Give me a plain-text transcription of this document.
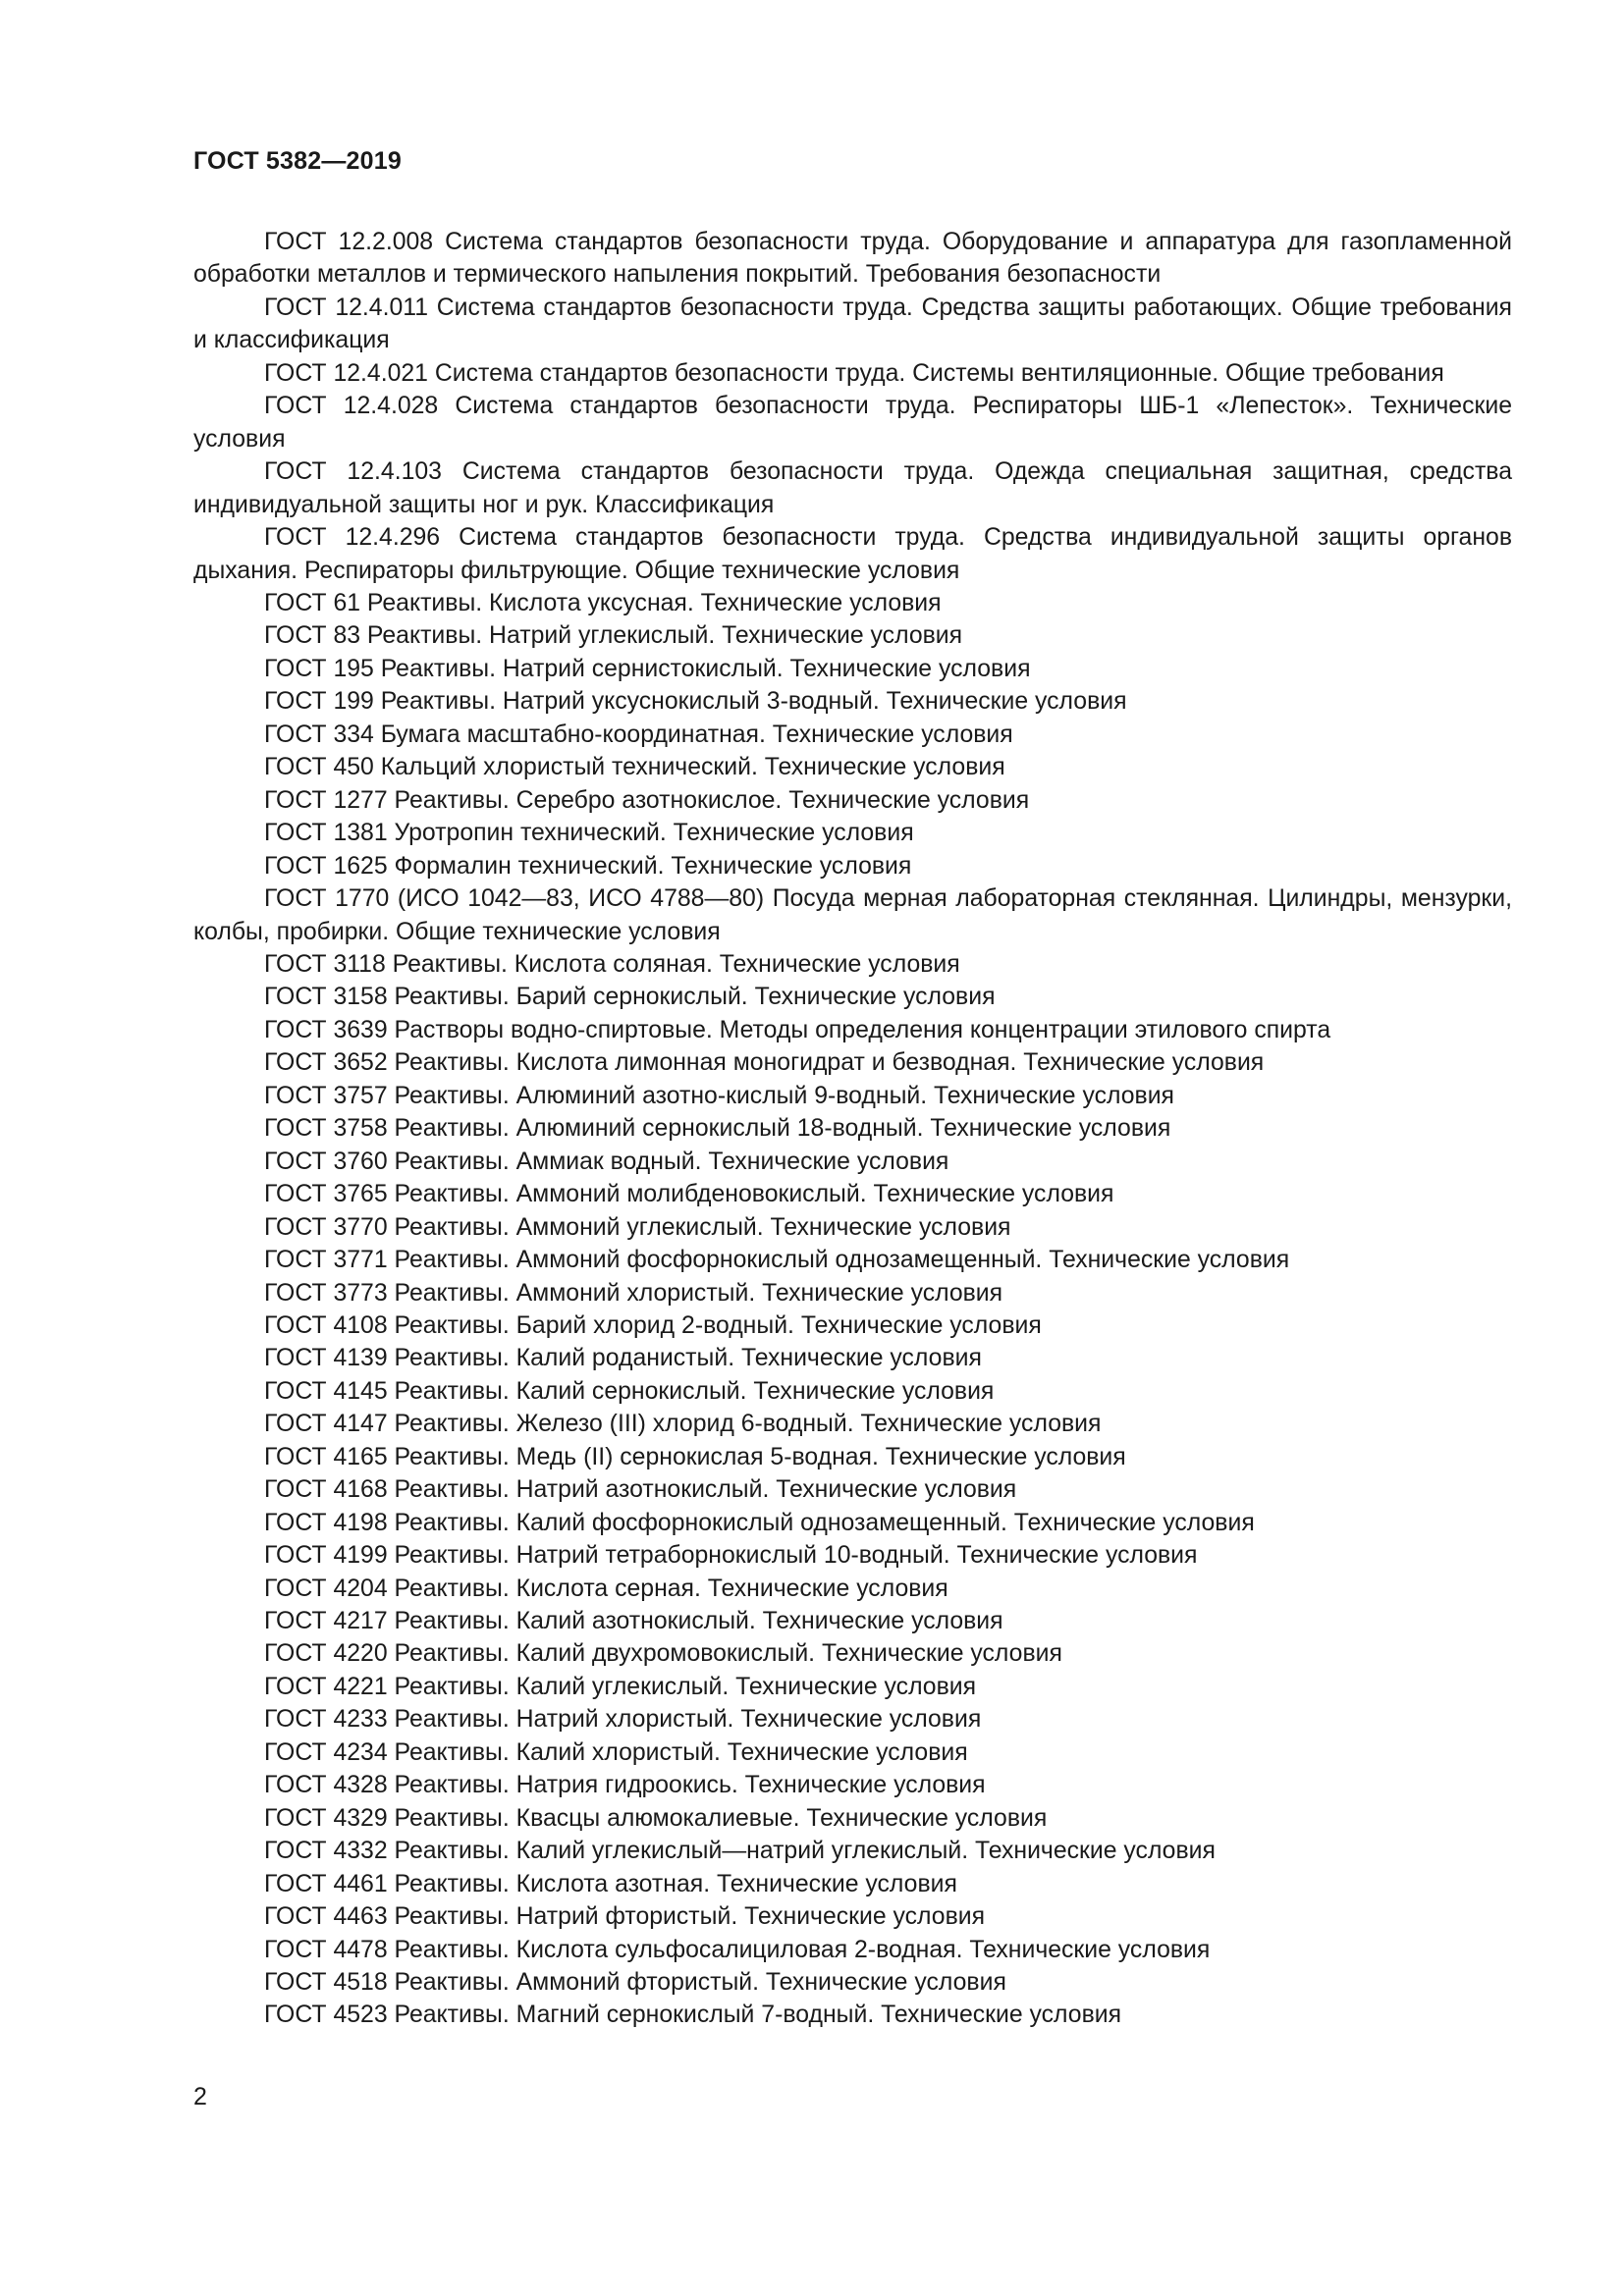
ГОСТ 5382—2019

ГОСТ 12.2.008 Система стандартов безопасности труда. Оборудование и аппаратура для газопламенной обработки металлов и термического напыления покрытий. Требования безопасности

ГОСТ 12.4.011 Система стандартов безопасности труда. Средства защиты работающих. Общие требования и классификация

ГОСТ 12.4.021 Система стандартов безопасности труда. Системы вентиляционные. Общие требования

ГОСТ 12.4.028 Система стандартов безопасности труда. Респираторы ШБ-1 «Лепесток». Технические условия

ГОСТ 12.4.103 Система стандартов безопасности труда. Одежда специальная защитная, средства индивидуальной защиты ног и рук. Классификация

ГОСТ 12.4.296 Система стандартов безопасности труда. Средства индивидуальной защиты органов дыхания. Респираторы фильтрующие. Общие технические условия

ГОСТ 61 Реактивы. Кислота уксусная. Технические условия

ГОСТ 83 Реактивы. Натрий углекислый. Технические условия

ГОСТ 195 Реактивы. Натрий сернистокислый. Технические условия

ГОСТ 199 Реактивы. Натрий уксуснокислый 3-водный. Технические условия

ГОСТ 334 Бумага масштабно-координатная. Технические условия

ГОСТ 450 Кальций хлористый технический. Технические условия

ГОСТ 1277 Реактивы. Серебро азотнокислое. Технические условия

ГОСТ 1381 Уротропин технический. Технические условия

ГОСТ 1625 Формалин технический. Технические условия

ГОСТ 1770 (ИСО 1042—83, ИСО 4788—80) Посуда мерная лабораторная стеклянная. Цилиндры, мензурки, колбы, пробирки. Общие технические условия

ГОСТ 3118 Реактивы. Кислота соляная. Технические условия

ГОСТ 3158 Реактивы. Барий сернокислый. Технические условия

ГОСТ 3639 Растворы водно-спиртовые. Методы определения концентрации этилового спирта

ГОСТ 3652 Реактивы. Кислота лимонная моногидрат и безводная. Технические условия

ГОСТ 3757 Реактивы. Алюминий азотно-кислый 9-водный. Технические условия

ГОСТ 3758 Реактивы. Алюминий сернокислый 18-водный. Технические условия

ГОСТ 3760 Реактивы. Аммиак водный. Технические условия

ГОСТ 3765 Реактивы. Аммоний молибденовокислый. Технические условия

ГОСТ 3770 Реактивы. Аммоний углекислый. Технические условия

ГОСТ 3771 Реактивы. Аммоний фосфорнокислый однозамещенный. Технические условия

ГОСТ 3773 Реактивы. Аммоний хлористый. Технические условия

ГОСТ 4108 Реактивы. Барий хлорид 2-водный. Технические условия

ГОСТ 4139 Реактивы. Калий роданистый. Технические условия

ГОСТ 4145 Реактивы. Калий сернокислый. Технические условия

ГОСТ 4147 Реактивы. Железо (III) хлорид 6-водный. Технические условия

ГОСТ 4165 Реактивы. Медь (II) сернокислая 5-водная. Технические условия

ГОСТ 4168 Реактивы. Натрий азотнокислый. Технические условия

ГОСТ 4198 Реактивы. Калий фосфорнокислый однозамещенный. Технические условия

ГОСТ 4199 Реактивы. Натрий тетраборнокислый 10-водный. Технические условия

ГОСТ 4204 Реактивы. Кислота серная. Технические условия

ГОСТ 4217 Реактивы. Калий азотнокислый. Технические условия

ГОСТ 4220 Реактивы. Калий двухромовокислый. Технические условия

ГОСТ 4221 Реактивы. Калий углекислый. Технические условия

ГОСТ 4233 Реактивы. Натрий хлористый. Технические условия

ГОСТ 4234 Реактивы. Калий хлористый. Технические условия

ГОСТ 4328 Реактивы. Натрия гидроокись. Технические условия

ГОСТ 4329 Реактивы. Квасцы алюмокалиевые. Технические условия

ГОСТ 4332 Реактивы. Калий углекислый—натрий углекислый. Технические условия

ГОСТ 4461 Реактивы. Кислота азотная. Технические условия

ГОСТ 4463 Реактивы. Натрий фтористый. Технические условия

ГОСТ 4478 Реактивы. Кислота сульфосалициловая 2-водная. Технические условия

ГОСТ 4518 Реактивы. Аммоний фтористый. Технические условия

ГОСТ 4523 Реактивы. Магний сернокислый 7-водный. Технические условия

2
